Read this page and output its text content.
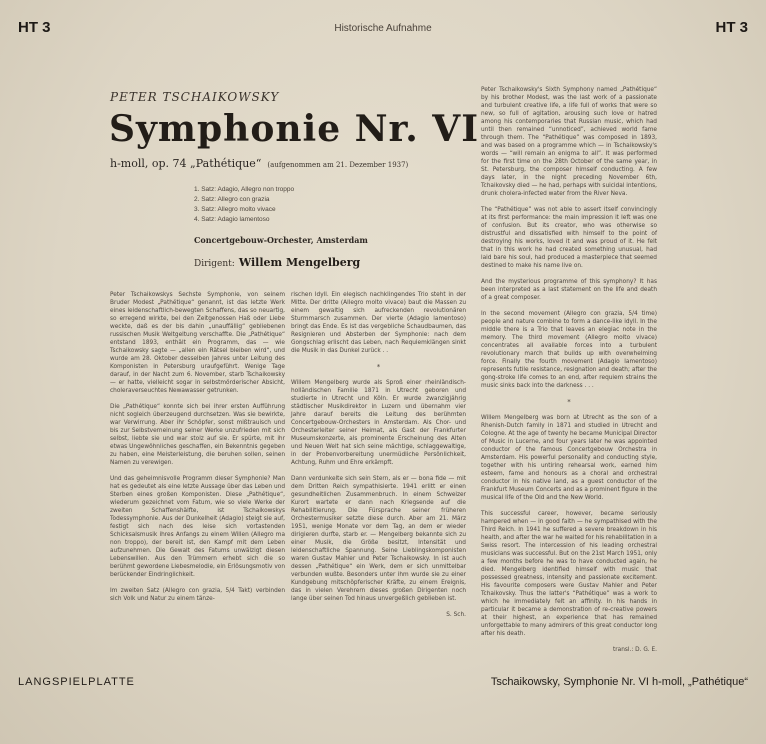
HT 3	Historische Aufnahme	HT 3
PETER TSCHAIKOWSKY
Symphonie Nr. VI
h-moll, op. 74 „Pathétique“ (aufgenommen am 21. Dezember 1937)
1. Satz: Adagio, Allegro non troppo
2. Satz: Allegro con grazia
3. Satz: Allegro molto vivace
4. Satz: Adagio lamentoso
Concertgebouw-Orchester, Amsterdam
Dirigent: Willem Mengelberg

Peter Tschaikowskys Sechste Symphonie, von seinem Bruder Modest „Pathétique“ genannt, ist das letzte Werk eines leidenschaftlich-bewegten Schaffens, das so neuartig, so erregend wirkte, bei den Zeitgenossen Haß oder Liebe weckte, daß es der bis dahin „unauffällig“ gebliebenen russischen Musik Weltgeltung verschaffte. Die „Pathétique“ entstand 1893, enthält ein Programm, das — wie Tschaikowsky sagte — „allen ein Rätsel bleiben wird“, und wurde am 28. Oktober desselben Jahres unter Leitung des Komponisten in Petersburg uraufgeführt. Wenige Tage darauf, in der Nacht zum 6. November, starb Tschaikowsky — er hatte, vielleicht sogar in selbstmörderischer Absicht, choleraverseuchtes Newawasser getrunken.

Die „Pathétique“ konnte sich bei ihrer ersten Aufführung nicht sogleich überzeugend durchsetzen. Was sie bewirkte, war Verwirrung. Aber ihr Schöpfer, sonst mißtrauisch und bis zur Selbstverneinung seiner Werke unzufrieden mit sich selbst, liebte sie und war stolz auf sie. Er spürte, mit ihr etwas Ungewöhnliches geschaffen, ein Bekenntnis gegeben zu haben, eine Meisterleistung, die beruhen sollen, seinen Namen zu verewigen.

Und das geheimnisvolle Programm dieser Symphonie? Man hat es gedeutet als eine letzte Aussage über das Leben und Sterben eines großen Komponisten. Diese „Pathétique“, wiederum gezeichnet vom Fatum, wie so viele Werke der zweiten Schaffenshälfte, ist Tschaikowskys Todessymphonie. Aus der Dunkelheit (Adagio) steigt sie auf, festigt sich nach des leise sich vortastenden Schicksalsmusik ihres Anfangs zu einem Willen (Allegro ma non troppo), der bereit ist, den Kampf mit dem Leben aufzunehmen. Die Gewalt des Fatums unwälzigt diesen Lebenswillen. Aus den Trümmern erhebt sich die so berühmt gewordene Liebesmelodie, ein Erlösungsmotiv von berückender Eindringlichkeit.

Im zweiten Satz (Allegro con grazia, 5/4 Takt) verbinden sich Volk und Natur zu einem tänze-

rischen Idyll. Ein elegisch nachklingendes Trio steht in der Mitte. Der dritte (Allegro molto vivace) baut die Massen zu einem gewaltig sich aufreckenden revolutionären Sturmmarsch zusammen. Der vierte (Adagio lamentoso) bringt das Ende. Es ist das vergebliche Schaudbaumen, das Resignieren und Absterben der Symphonie: nach dem Gongschlag erlischt das Leben, nach Requiemklängen sinkt die Musik in das Dunkel zurück . .

*

Willem Mengelberg wurde als Sproß einer rheinländisch-holländischen Familie 1871 in Utrecht geboren und studierte in Utrecht und Köln. Er wurde zwanzigjährig städtischer Musikdirektor in Luzern und übernahm vier Jahre darauf bereits die Leitung des berühmten Concertgebouw-Orchesters in Amsterdam. Als Chor- und Orchesterleiter seiner Heimat, als Gast der Frankfurter Museumskonzerte, als prominente Erscheinung des Alten und Neuen Welt hat sich seine mächtige, schlaggewaltige, in der Probenvorbereitung unermüdliche Persönlichkeit, Achtung, Ruhm und Ehre erkämpft.

Dann verdunkelte sich sein Stern, als er — bona fide — mit dem Dritten Reich sympathisierte. 1941 erlitt er einen gesundheitlichen Zusammenbruch. In einem Schweizer Kurort wartete er dann nach Kriegsende auf die Rehabilitierung. Die Fürsprache seiner früheren Orchestermusiker setzte diese durch. Aber am 21. März 1951, wenige Monate vor dem Tag, an dem er wieder dirigieren durfte, starb er. — Mengelberg bekannte sich zu einer Musik, die Größe besitzt, Intensität und leidenschaftliche Spannung. Seine Lieblingskomponisten waren Gustav Mahler und Peter Tschaikowsky. In ist auch dessen „Pathétique“ ein Werk, dem er sich unmittelbar verbunden wußte. Besonders unter ihm wurde sie zu einer Kundgebung mitschöpferischer Kräfte, zu einem Ereignis, das in vielen Verehrern dieses großen Dirigenten noch lange über seinen Tod hinaus unvergeßlich geblieben ist.

S. Sch.

Peter Tschaikowsky's Sixth Symphony named „Pathétique“ by his brother Modest, was the last work of a passionate and turbulent creative life, a life full of works that were so new, so full of agitation, arousing such love or hatred among his contemporaries that Russian music, which had until then remained “unnoticed”, achieved world fame through them. The “Pathétique” was composed in 1893, and was based on a programme which — in Tschaikowsky's words — “will remain an enigma to all”. It was performed for the first time on the 28th October of the same year, in St. Petersburg, the composer himself conducting. A few days later, in the night preceding November 6th, Tchaikovsky died — he had, perhaps with suicidal intentions, drunk cholera-infected water from the River Neva.

The “Pathétique” was not able to assert itself convincingly at its first performance: the main impression it left was one of confusion. But its creator, who was otherwise so distrustful and dissatisfied with himself to the point of destroying his works, loved it and was proud of it. He felt that in this work he had created something unusual, had laid bare his soul, had produced a masterpiece that seemed destined to make his name live on.

And the mysterious programme of this symphony? It has been interpreted as a last statement on the life and death of a great composer.

In the second movement (Allegro con grazia, 5/4 time) people and nature combine to form a dance-like idyll. In the middle there is a Trio that leaves an elegiac note in the memory. The third movement (Allegro molto vivace) concentrates all available forces into a turbulent revolutionary march that builds up with overwhelming force. Finally the fourth movement (Adagio lamentoso) represents futile resistance, resignation and death; after the gong-stroke life comes to an end, after requiem strains the music sinks back into the darkness . . .

*

Willem Mengelberg was born at Utrecht as the son of a Rhenish-Dutch family in 1871 and studied in Utrecht and Cologne. At the age of twenty he became Municipal Director of Music in Lucerne, and four years later he was appointed conductor of the famous Concertgebouw Orchestra in Amsterdam. His powerful personality and conducting style, together with his untiring rehearsal work, earned him esteem, fame and honours as a choral and orchestral conductor in his native land, as a guest conductor of the Frankfurt Museum Concerts and as a prominent figure in the musical life of the Old and the New World.

This successful career, however, became seriously hampered when — in good faith — he sympathised with the Third Reich. In 1941 he suffered a severe breakdown in his health, and after the war he waited for his rehabilitation in a Swiss resort. The intercession of his leading orchestral musicians was successful. But on the 21st March 1951, only a few months before he was to have conducted again, he died. Mengelberg identified himself with music that possessed greatness, intensity and passionate excitement. His favourite composers were Gustav Mahler and Peter Tchaikovsky. Thus the latter's “Pathétique” was a work to which he immediately felt an affinity. In his hands in particular it became a demonstration of re-creative powers at their highest, an experience that has remained unforgettable to many admirers of this great conductor long after his death.

transl.: D. G. E.

LANGSPIELPLATTE	Tschaikowsky, Symphonie Nr. VI h-moll, „Pathétique“
